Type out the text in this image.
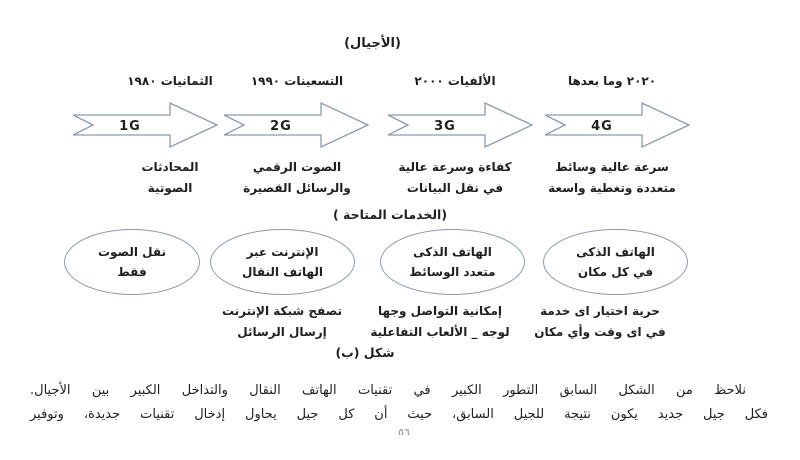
(الأجيال)
الثمانيات ١٩٨٠	التسعينات ١٩٩٠	الألفيات ٢٠٠٠	٢٠٢٠ وما بعدها
1G	2G	3G	4G
المحادثات
الصوتية
الصوت الرقمي
والرسائل القصيرة
كفاءة وسرعة عالية
في نقل البيانات
سرعة عالية وسائط
متعددة وتغطية واسعة
(الخدمات المتاحة )
نقل الصوت
فقط
الإنترنت عبر
الهاتف النقال
الهاتف الذكى
متعدد الوسائط
الهاتف الذكى
في كل مكان
تصفح شبكة الإنترنت
إرسال الرسائل
إمكانية التواصل وجها
لوجه _ الألعاب التفاعلية
حرية اختيار اى خدمة
في اى وقت وأي مكان
شكل (ب)
نلاحظ من الشكل السابق التطور الكبير في تقنيات الهاتف النقال والتداخل الكبير بين الأجيال.
فكل جيل جديد يكون نتيجة للجيل السابق، حيث أن كل جيل يحاول إدخال تقنيات جديدة، وتوفير
٥٦
